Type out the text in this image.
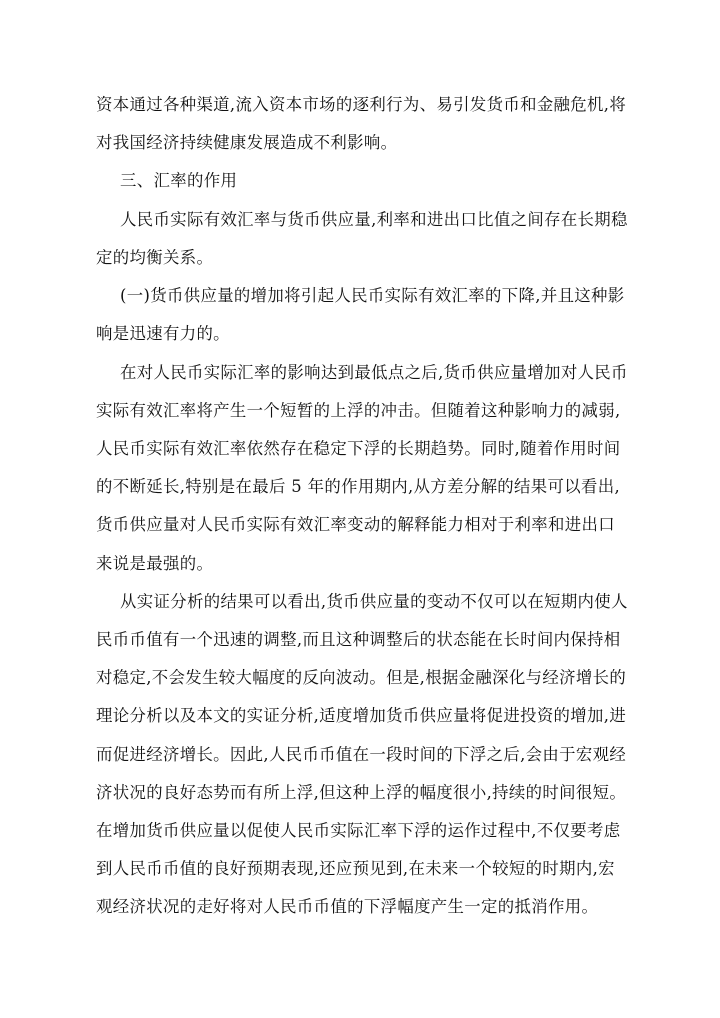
资本通过各种渠道,流入资本市场的逐利行为、易引发货币和金融危机,将
对我国经济持续健康发展造成不利影响。
三、汇率的作用
人民币实际有效汇率与货币供应量,利率和进出口比值之间存在长期稳
定的均衡关系。
(一)货币供应量的增加将引起人民币实际有效汇率的下降,并且这种影
响是迅速有力的。
在对人民币实际汇率的影响达到最低点之后,货币供应量增加对人民币
实际有效汇率将产生一个短暂的上浮的冲击。但随着这种影响力的减弱,
人民币实际有效汇率依然存在稳定下浮的长期趋势。同时,随着作用时间
的不断延长,特别是在最后 5 年的作用期内,从方差分解的结果可以看出,
货币供应量对人民币实际有效汇率变动的解释能力相对于利率和进出口
来说是最强的。
从实证分析的结果可以看出,货币供应量的变动不仅可以在短期内使人
民币币值有一个迅速的调整,而且这种调整后的状态能在长时间内保持相
对稳定,不会发生较大幅度的反向波动。但是,根据金融深化与经济增长的
理论分析以及本文的实证分析,适度增加货币供应量将促进投资的增加,进
而促进经济增长。因此,人民币币值在一段时间的下浮之后,会由于宏观经
济状况的良好态势而有所上浮,但这种上浮的幅度很小,持续的时间很短。
在增加货币供应量以促使人民币实际汇率下浮的运作过程中,不仅要考虑
到人民币币值的良好预期表现,还应预见到,在未来一个较短的时期内,宏
观经济状况的走好将对人民币币值的下浮幅度产生一定的抵消作用。
